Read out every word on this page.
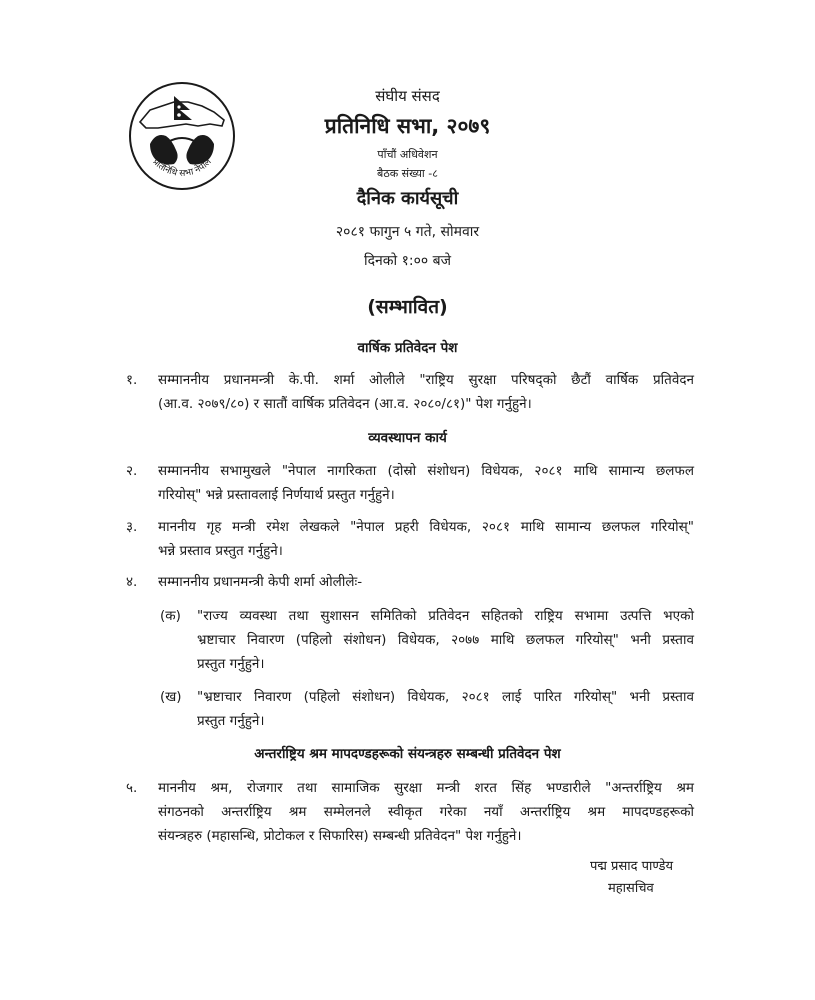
प्रतिनिधि सभा नेपाल
संघीय संसद
प्रतिनिधि सभा, २०७९
पाँचौं अधिवेशन
बैठक संख्या -८
दैनिक कार्यसूची
२०८१ फागुन ५ गते, सोमवार
दिनको १:०० बजे
(सम्भावित)
वार्षिक प्रतिवेदन पेश
१. सम्माननीय प्रधानमन्त्री के.पी. शर्मा ओलीले "राष्ट्रिय सुरक्षा परिषद्को छैटौं वार्षिक प्रतिवेदन
(आ.व. २०७९/८०) र सातौं वार्षिक प्रतिवेदन (आ.व. २०८०/८१)" पेश गर्नुहुने।
व्यवस्थापन कार्य
२. सम्माननीय सभामुखले "नेपाल नागरिकता (दोस्रो संशोधन) विधेयक, २०८१ माथि सामान्य छलफल
गरियोस्" भन्ने प्रस्तावलाई निर्णयार्थ प्रस्तुत गर्नुहुने।
३. माननीय गृह मन्त्री रमेश लेखकले "नेपाल प्रहरी विधेयक, २०८१ माथि सामान्य छलफल गरियोस्"
भन्ने प्रस्ताव प्रस्तुत गर्नुहुने।
४. सम्माननीय प्रधानमन्त्री केपी शर्मा ओलीलेः-
(क) "राज्य व्यवस्था तथा सुशासन समितिको प्रतिवेदन सहितको राष्ट्रिय सभामा उत्पत्ति भएको
भ्रष्टाचार निवारण (पहिलो संशोधन) विधेयक, २०७७ माथि छलफल गरियोस्" भनी प्रस्ताव
प्रस्तुत गर्नुहुने।
(ख) "भ्रष्टाचार निवारण (पहिलो संशोधन) विधेयक, २०८१ लाई पारित गरियोस्" भनी प्रस्ताव
प्रस्तुत गर्नुहुने।
अन्तर्राष्ट्रिय श्रम मापदण्डहरूको संयन्त्रहरु सम्बन्धी प्रतिवेदन पेश
५. माननीय श्रम, रोजगार तथा सामाजिक सुरक्षा मन्त्री शरत सिंह भण्डारीले "अन्तर्राष्ट्रिय श्रम
संगठनको अन्तर्राष्ट्रिय श्रम सम्मेलनले स्वीकृत गरेका नयाँ अन्तर्राष्ट्रिय श्रम मापदण्डहरूको
संयन्त्रहरु (महासन्धि, प्रोटोकल र सिफारिस) सम्बन्धी प्रतिवेदन" पेश गर्नुहुने।
पद्म प्रसाद पाण्डेय
महासचिव
